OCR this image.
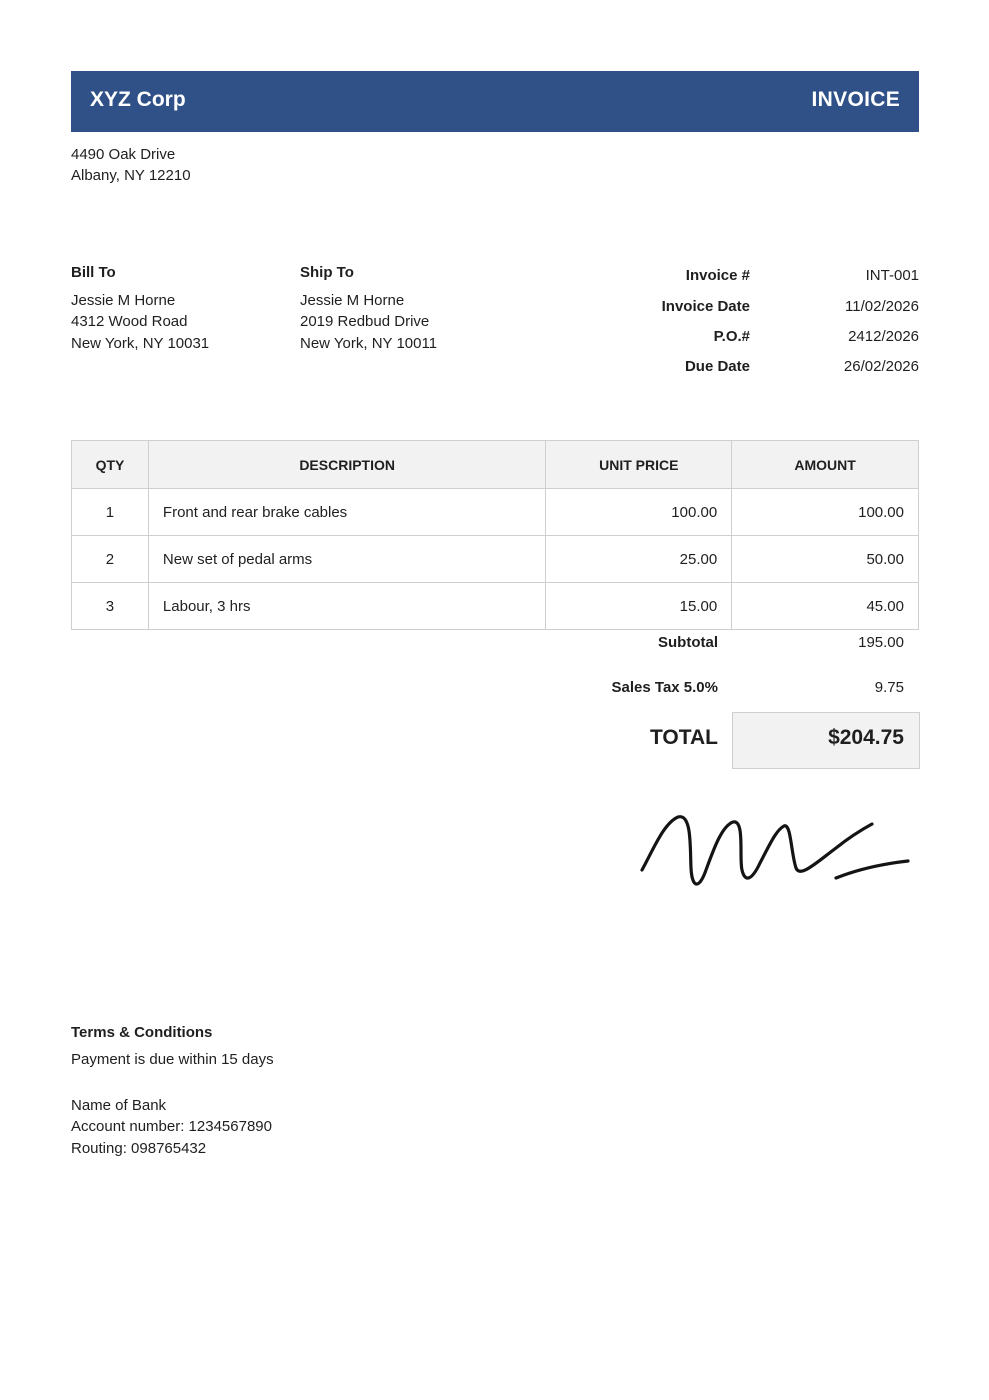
XYZ Corp	INVOICE
4490 Oak Drive
Albany, NY 12210
Bill To
Jessie M Horne
4312 Wood Road
New York, NY 10031
Ship To
Jessie M Horne
2019 Redbud Drive
New York, NY 10011
Invoice #	INT-001
Invoice Date	11/02/2026
P.O.#	2412/2026
Due Date	26/02/2026
QTY	DESCRIPTION	UNIT PRICE	AMOUNT
1	Front and rear brake cables	100.00	100.00
2	New set of pedal arms	25.00	50.00
3	Labour, 3 hrs	15.00	45.00
Subtotal	195.00
Sales Tax 5.0%	9.75
TOTAL	$204.75
Terms & Conditions
Payment is due within 15 days
Name of Bank
Account number: 1234567890
Routing: 098765432
